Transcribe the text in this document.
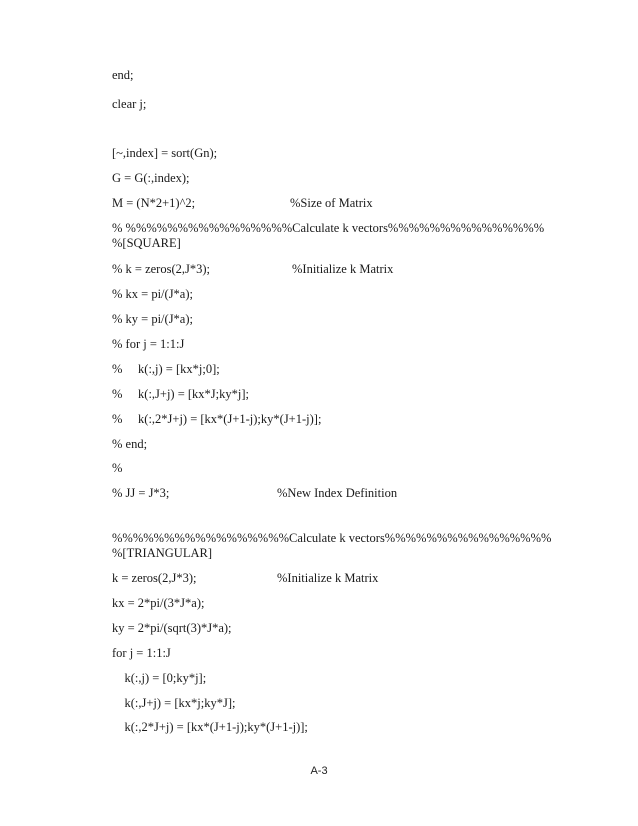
end;
clear j;
[~,index] = sort(Gn);
G = G(:,index);
M = (N*2+1)^2;	%Size of Matrix
% %%%%%%%%%%%%%%%%Calculate k vectors%%%%%%%%%%%%%%%
%[SQUARE]
% k = zeros(2,J*3);	%Initialize k Matrix
% kx = pi/(J*a);
% ky = pi/(J*a);
% for j = 1:1:J
%     k(:,j) = [kx*j;0];
%     k(:,J+j) = [kx*J;ky*j];
%     k(:,2*J+j) = [kx*(J+1-j);ky*(J+1-j)];
% end;
%
% JJ = J*3;	%New Index Definition
%%%%%%%%%%%%%%%%%Calculate k vectors%%%%%%%%%%%%%%%%
%[TRIANGULAR]
k = zeros(2,J*3);	%Initialize k Matrix
kx = 2*pi/(3*J*a);
ky = 2*pi/(sqrt(3)*J*a);
for j = 1:1:J
k(:,j) = [0;ky*j];
k(:,J+j) = [kx*j;ky*J];
k(:,2*J+j) = [kx*(J+1-j);ky*(J+1-j)];
A-3
